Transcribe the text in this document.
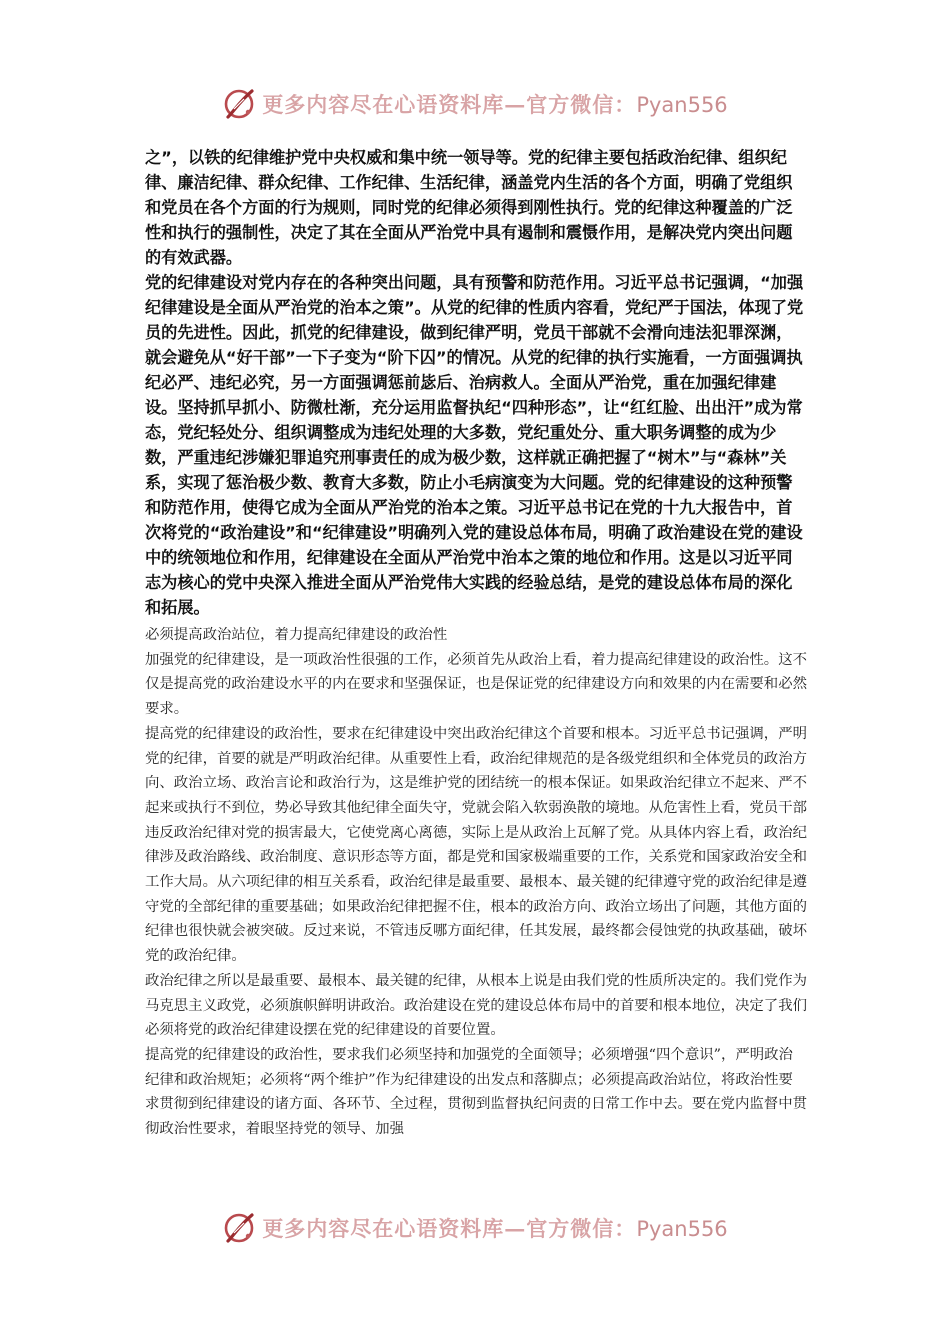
更多内容尽在心语资料库—官方微信：Pyan556

之”，以铁的纪律维护党中央权威和集中统一领导等。党的纪律主要包括政治纪律、组织纪律、廉洁纪律、群众纪律、工作纪律、生活纪律，涵盖党内生活的各个方面，明确了党组织和党员在各个方面的行为规则，同时党的纪律必须得到刚性执行。党的纪律这种覆盖的广泛性和执行的强制性，决定了其在全面从严治党中具有遏制和震慑作用，是解决党内突出问题的有效武器。

党的纪律建设对党内存在的各种突出问题，具有预警和防范作用。习近平总书记强调，“加强纪律建设是全面从严治党的治本之策”。从党的纪律的性质内容看，党纪严于国法，体现了党员的先进性。因此，抓党的纪律建设，做到纪律严明，党员干部就不会滑向违法犯罪深渊，就会避免从“好干部”一下子变为“阶下囚”的情况。从党的纪律的执行实施看，一方面强调执纪必严、违纪必究，另一方面强调惩前毖后、治病救人。全面从严治党，重在加强纪律建设。坚持抓早抓小、防微杜渐，充分运用监督执纪“四种形态”，让“红红脸、出出汗”成为常态，党纪轻处分、组织调整成为违纪处理的大多数，党纪重处分、重大职务调整的成为少数，严重违纪涉嫌犯罪追究刑事责任的成为极少数，这样就正确把握了“树木”与“森林”关系，实现了惩治极少数、教育大多数，防止小毛病演变为大问题。党的纪律建设的这种预警和防范作用，使得它成为全面从严治党的治本之策。习近平总书记在党的十九大报告中，首次将党的“政治建设”和“纪律建设”明确列入党的建设总体布局，明确了政治建设在党的建设中的统领地位和作用，纪律建设在全面从严治党中治本之策的地位和作用。这是以习近平同志为核心的党中央深入推进全面从严治党伟大实践的经验总结，是党的建设总体布局的深化和拓展。

必须提高政治站位，着力提高纪律建设的政治性

加强党的纪律建设，是一项政治性很强的工作，必须首先从政治上看，着力提高纪律建设的政治性。这不仅是提高党的政治建设水平的内在要求和坚强保证，也是保证党的纪律建设方向和效果的内在需要和必然要求。

提高党的纪律建设的政治性，要求在纪律建设中突出政治纪律这个首要和根本。习近平总书记强调，严明党的纪律，首要的就是严明政治纪律。从重要性上看，政治纪律规范的是各级党组织和全体党员的政治方向、政治立场、政治言论和政治行为，这是维护党的团结统一的根本保证。如果政治纪律立不起来、严不起来或执行不到位，势必导致其他纪律全面失守，党就会陷入软弱涣散的境地。从危害性上看，党员干部违反政治纪律对党的损害最大，它使党离心离德，实际上是从政治上瓦解了党。从具体内容上看，政治纪律涉及政治路线、政治制度、意识形态等方面，都是党和国家极端重要的工作，关系党和国家政治安全和工作大局。从六项纪律的相互关系看，政治纪律是最重要、最根本、最关键的纪律遵守党的政治纪律是遵守党的全部纪律的重要基础；如果政治纪律把握不住，根本的政治方向、政治立场出了问题，其他方面的纪律也很快就会被突破。反过来说，不管违反哪方面纪律，任其发展，最终都会侵蚀党的执政基础，破坏党的政治纪律。

政治纪律之所以是最重要、最根本、最关键的纪律，从根本上说是由我们党的性质所决定的。我们党作为马克思主义政党，必须旗帜鲜明讲政治。政治建设在党的建设总体布局中的首要和根本地位，决定了我们必须将党的政治纪律建设摆在党的纪律建设的首要位置。

提高党的纪律建设的政治性，要求我们必须坚持和加强党的全面领导；必须增强“四个意识”，严明政治纪律和政治规矩；必须将“两个维护”作为纪律建设的出发点和落脚点；必须提高政治站位，将政治性要求贯彻到纪律建设的诸方面、各环节、全过程，贯彻到监督执纪问责的日常工作中去。要在党内监督中贯彻政治性要求，着眼坚持党的领导、加强

更多内容尽在心语资料库—官方微信：Pyan556
